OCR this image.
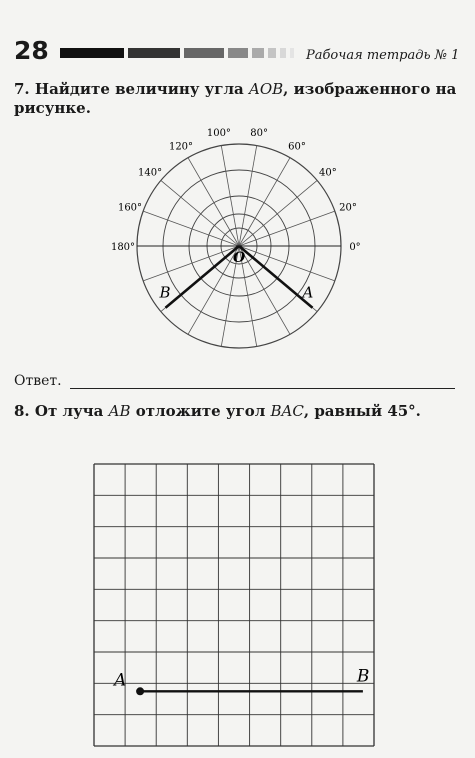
28	Рабочая тетрадь № 1
7. Найдите величину угла AOB, изображенного на рисунке.
0°
20°
40°
60°
80°
100°
120°
140°
160°
180°
O
A
B
Ответ.
8. От луча AB отложите угол BAC, равный 45°.
A	B
